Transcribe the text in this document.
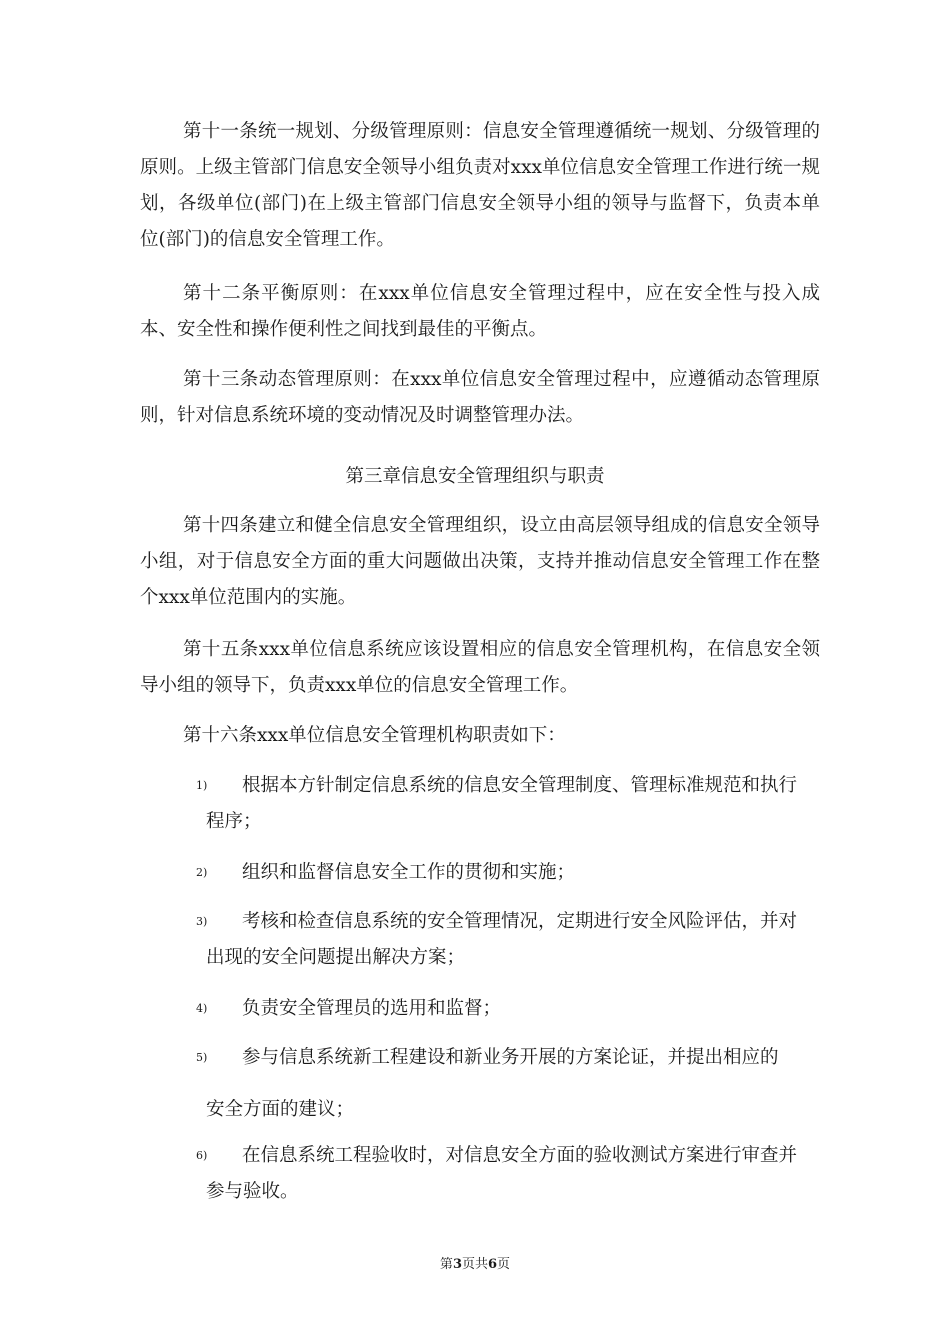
第十一条统一规划、分级管理原则：信息安全管理遵循统一规划、分级管理的原则。上级主管部门信息安全领导小组负责对xxx单位信息安全管理工作进行统一规划，各级单位(部门)在上级主管部门信息安全领导小组的领导与监督下，负责本单位(部门)的信息安全管理工作。

第十二条平衡原则：在xxx单位信息安全管理过程中，应在安全性与投入成本、安全性和操作便利性之间找到最佳的平衡点。

第十三条动态管理原则：在xxx单位信息安全管理过程中，应遵循动态管理原则，针对信息系统环境的变动情况及时调整管理办法。

第三章信息安全管理组织与职责

第十四条建立和健全信息安全管理组织，设立由高层领导组成的信息安全领导小组，对于信息安全方面的重大问题做出决策，支持并推动信息安全管理工作在整个xxx单位范围内的实施。

第十五条xxx单位信息系统应该设置相应的信息安全管理机构，在信息安全领导小组的领导下，负责xxx单位的信息安全管理工作。

第十六条xxx单位信息安全管理机构职责如下：

1)	根据本方针制定信息系统的信息安全管理制度、管理标准规范和执行
程序；
2)	组织和监督信息安全工作的贯彻和实施；
3)	考核和检查信息系统的安全管理情况，定期进行安全风险评估，并对
出现的安全问题提出解决方案；
4)	负责安全管理员的选用和监督；
5)	参与信息系统新工程建设和新业务开展的方案论证，并提出相应的
安全方面的建议；
6)	在信息系统工程验收时，对信息安全方面的验收测试方案进行审查并
参与验收。
第3页共6页
